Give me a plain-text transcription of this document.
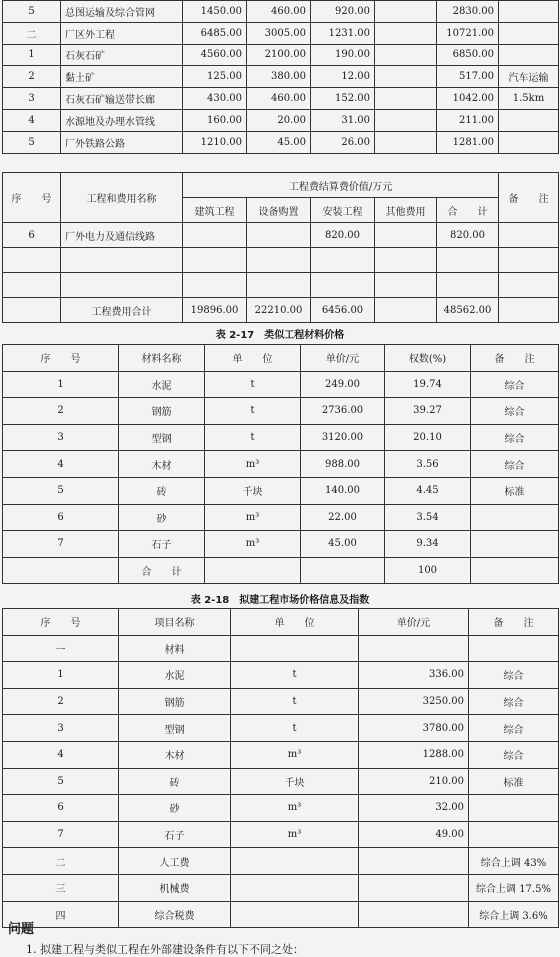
5	总图运输及综合管网	1450.00	460.00	920.00		2830.00	
二	厂区外工程	6485.00	3005.00	1231.00		10721.00	
1	石灰石矿	4560.00	2100.00	190.00		6850.00	
2	黏土矿	125.00	380.00	12.00		517.00	汽车运输
3	石灰石矿输送带长廊	430.00	460.00	152.00		1042.00	1.5km
4	水源地及办理水管线	160.00	20.00	31.00		211.00	
5	厂外铁路公路	1210.00	45.00	26.00		1281.00	
序　　号	工程和费用名称	工程费结算费价值/万元					备　　注
		建筑工程	设备购置	安装工程	其他费用	合　　计	
6	厂外电力及通信线路			820.00		820.00	

	工程费用合计	19896.00	22210.00	6456.00		48562.00	
表 2-17　类似工程材料价格
序　　号	材料名称	单　　位	单价/元	权数(%)	备　　注
1	水泥	t	249.00	19.74	综合
2	钢筋	t	2736.00	39.27	综合
3	型钢	t	3120.00	20.10	综合
4	木材	m³	988.00	3.56	综合
5	砖	千块	140.00	4.45	标准
6	砂	m³	22.00	3.54	
7	石子	m³	45.00	9.34	
	合　　计			100	
表 2-18　拟建工程市场价格信息及指数
序　　号	项目名称	单　　位	单价/元	备　　注
一	材料			
1	水泥	t	336.00	综合
2	钢筋	t	3250.00	综合
3	型钢	t	3780.00	综合
4	木材	m³	1288.00	综合
5	砖	千块	210.00	标准
6	砂	m³	32.00	
7	石子	m³	49.00	
二	人工费			综合上调 43%
三	机械费			综合上调 17.5%
四	综合税费			综合上调 3.6%
问题
1. 拟建工程与类似工程在外部建设条件有以下不同之处：
